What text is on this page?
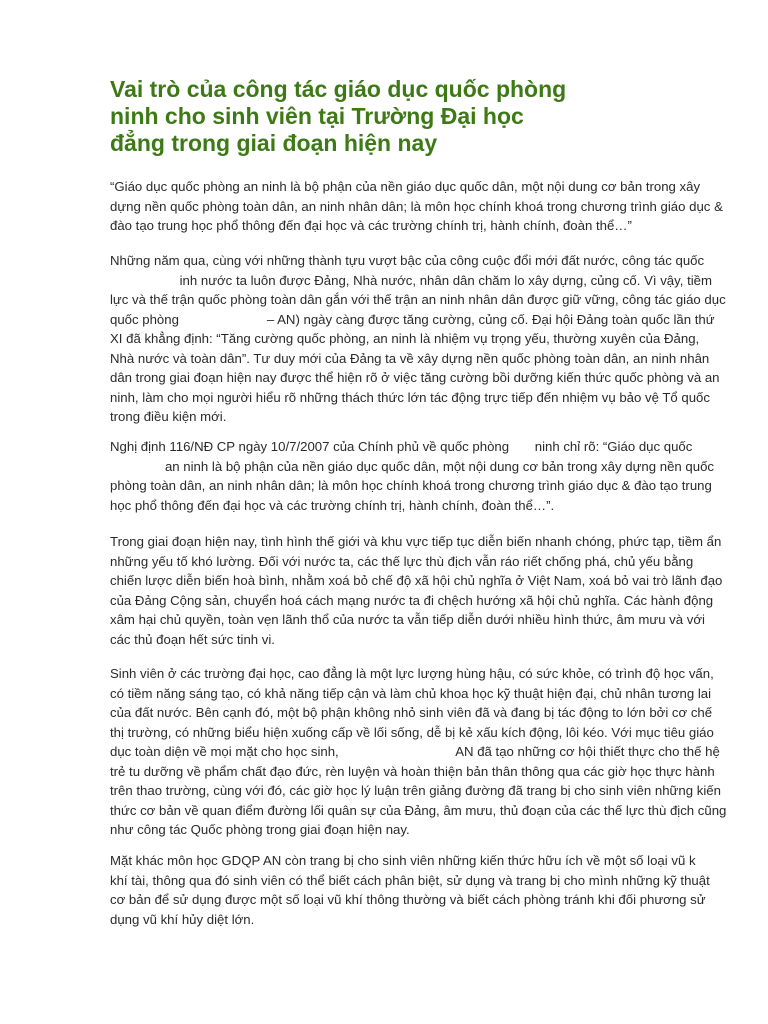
Vai trò của công tác giáo dục quốc phòng
ninh cho sinh viên tại Trường Đại học
đẳng trong giai đoạn hiện nay
“Giáo dục quốc phòng an ninh là bộ phận của nền giáo dục quốc dân, một nội dung cơ bản trong xây
dựng nền quốc phòng toàn dân, an ninh nhân dân; là môn học chính khoá trong chương trình giáo dục &
đào tạo trung học phổ thông đến đại học và các trường chính trị, hành chính, đoàn thể…”
Những năm qua, cùng với những thành tựu vượt bậc của công cuộc đổi mới đất nước, công tác quốc
inh nước ta luôn được Đảng, Nhà nước, nhân dân chăm lo xây dựng, củng cố. Vì vậy, tiềm
lực và thế trận quốc phòng toàn dân gắn với thế trận an ninh nhân dân được giữ vững, công tác giáo dục
quốc phòng                        – AN) ngày càng được tăng cường, củng cố. Đại hội Đảng toàn quốc lần thứ
XI đã khẳng định: “Tăng cường quốc phòng, an ninh là nhiệm vụ trọng yếu, thường xuyên của Đảng,
Nhà nước và toàn dân”. Tư duy mới của Đảng ta về xây dựng nền quốc phòng toàn dân, an ninh nhân
dân trong giai đoạn hiện nay được thể hiện rõ ở việc tăng cường bồi dưỡng kiến thức quốc phòng và an
ninh, làm cho mọi người hiểu rõ những thách thức lớn tác động trực tiếp đến nhiệm vụ bảo vệ Tổ quốc
trong điều kiện mới.
Nghị định 116/NĐ CP ngày 10/7/2007 của Chính phủ về quốc phòng       ninh chỉ rõ: “Giáo dục quốc
an ninh là bộ phận của nền giáo dục quốc dân, một nội dung cơ bản trong xây dựng nền quốc
phòng toàn dân, an ninh nhân dân; là môn học chính khoá trong chương trình giáo dục & đào tạo trung
học phổ thông đến đại học và các trường chính trị, hành chính, đoàn thể…”.
Trong giai đoạn hiện nay, tình hình thế giới và khu vực tiếp tục diễn biến nhanh chóng, phức tạp, tiềm ẩn
những yếu tố khó lường. Đối với nước ta, các thế lực thù địch vẫn ráo riết chống phá, chủ yếu bằng
chiến lược diễn biến hoà bình, nhằm xoá bỏ chế độ xã hội chủ nghĩa ở Việt Nam, xoá bỏ vai trò lãnh đạo
của Đảng Cộng sản, chuyển hoá cách mạng nước ta đi chệch hướng xã hội chủ nghĩa. Các hành động
xâm hại chủ quyền, toàn vẹn lãnh thổ của nước ta vẫn tiếp diễn dưới nhiều hình thức, âm mưu và với
các thủ đoạn hết sức tinh vi.
Sinh viên ở các trường đại học, cao đẳng là một lực lượng hùng hậu, có sức khỏe, có trình độ học vấn,
có tiềm năng sáng tạo, có khả năng tiếp cận và làm chủ khoa học kỹ thuật hiện đại, chủ nhân tương lai
của đất nước. Bên cạnh đó, một bộ phận không nhỏ sinh viên đã và đang bị tác động to lớn bởi cơ chế
thị trường, có những biểu hiện xuống cấp về lối sống, dễ bị kẻ xấu kích động, lôi kéo. Với mục tiêu giáo
dục toàn diện về mọi mặt cho học sinh,                                AN đã tạo những cơ hội thiết thực cho thế hệ
trẻ tu dưỡng về phẩm chất đạo đức, rèn luyện và hoàn thiện bản thân thông qua các giờ học thực hành
trên thao trường, cùng với đó, các giờ học lý luận trên giảng đường đã trang bị cho sinh viên những kiến
thức cơ bản về quan điểm đường lối quân sự của Đảng, âm mưu, thủ đoạn của các thế lực thù địch cũng
như công tác Quốc phòng trong giai đoạn hiện nay.
Mặt khác môn học GDQP AN còn trang bị cho sinh viên những kiến thức hữu ích về một số loại vũ k
khí tài, thông qua đó sinh viên có thể biết cách phân biệt, sử dụng và trang bị cho mình những kỹ thuật
cơ bản để sử dụng được một số loại vũ khí thông thường và biết cách phòng tránh khi đối phương sử
dụng vũ khí hủy diệt lớn.
